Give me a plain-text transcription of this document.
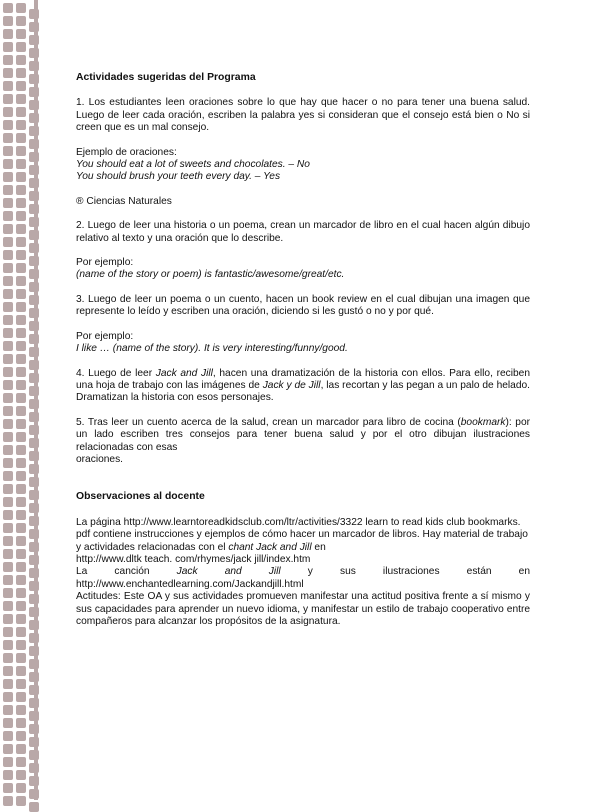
Actividades sugeridas del Programa

1. Los estudiantes leen oraciones sobre lo que hay que hacer o no para tener una buena salud. Luego de leer cada oración, escriben la palabra yes si consideran que el consejo está bien o No si creen que es un mal consejo.

Ejemplo de oraciones:

You should eat a lot of sweets and chocolates. – No

You should brush your teeth every day. – Yes

® Ciencias Naturales

2. Luego de leer una historia o un poema, crean un marcador de libro en el cual hacen algún dibujo relativo al texto y una oración que lo describe.

Por ejemplo:

(name of the story or poem) is fantastic/awesome/great/etc.

3. Luego de leer un poema o un cuento, hacen un book review en el cual dibujan una imagen que represente lo leído y escriben una oración, diciendo si les gustó o no y por qué.

Por ejemplo:

I like … (name of the story). It is very interesting/funny/good.

4. Luego de leer Jack and Jill, hacen una dramatización de la historia con ellos. Para ello, reciben una hoja de trabajo con las imágenes de Jack y de Jill, las recortan y las pegan a un palo de helado. Dramatizan la historia con esos personajes.

5. Tras leer un cuento acerca de la salud, crean un marcador para libro de cocina (bookmark): por un lado escriben tres consejos para tener buena salud y por el otro dibujan ilustraciones relacionadas con esas

oraciones.

Observaciones al docente

La página http://www.learntoreadkidsclub.com/ltr/activities/3322 learn to read kids club bookmarks.

pdf contiene instrucciones y ejemplos de cómo hacer un marcador de libros. Hay material de trabajo y actividades relacionadas con el chant Jack and Jill en

http://www.dltk teach. com/rhymes/jack jill/index.htm

La canción Jack and Jill y sus ilustraciones están en

http://www.enchantedlearning.com/Jackandjill.html

Actitudes: Este OA y sus actividades promueven manifestar una actitud positiva frente a sí mismo y sus capacidades para aprender un nuevo idioma, y manifestar un estilo de trabajo cooperativo entre compañeros para alcanzar los propósitos de la asignatura.
